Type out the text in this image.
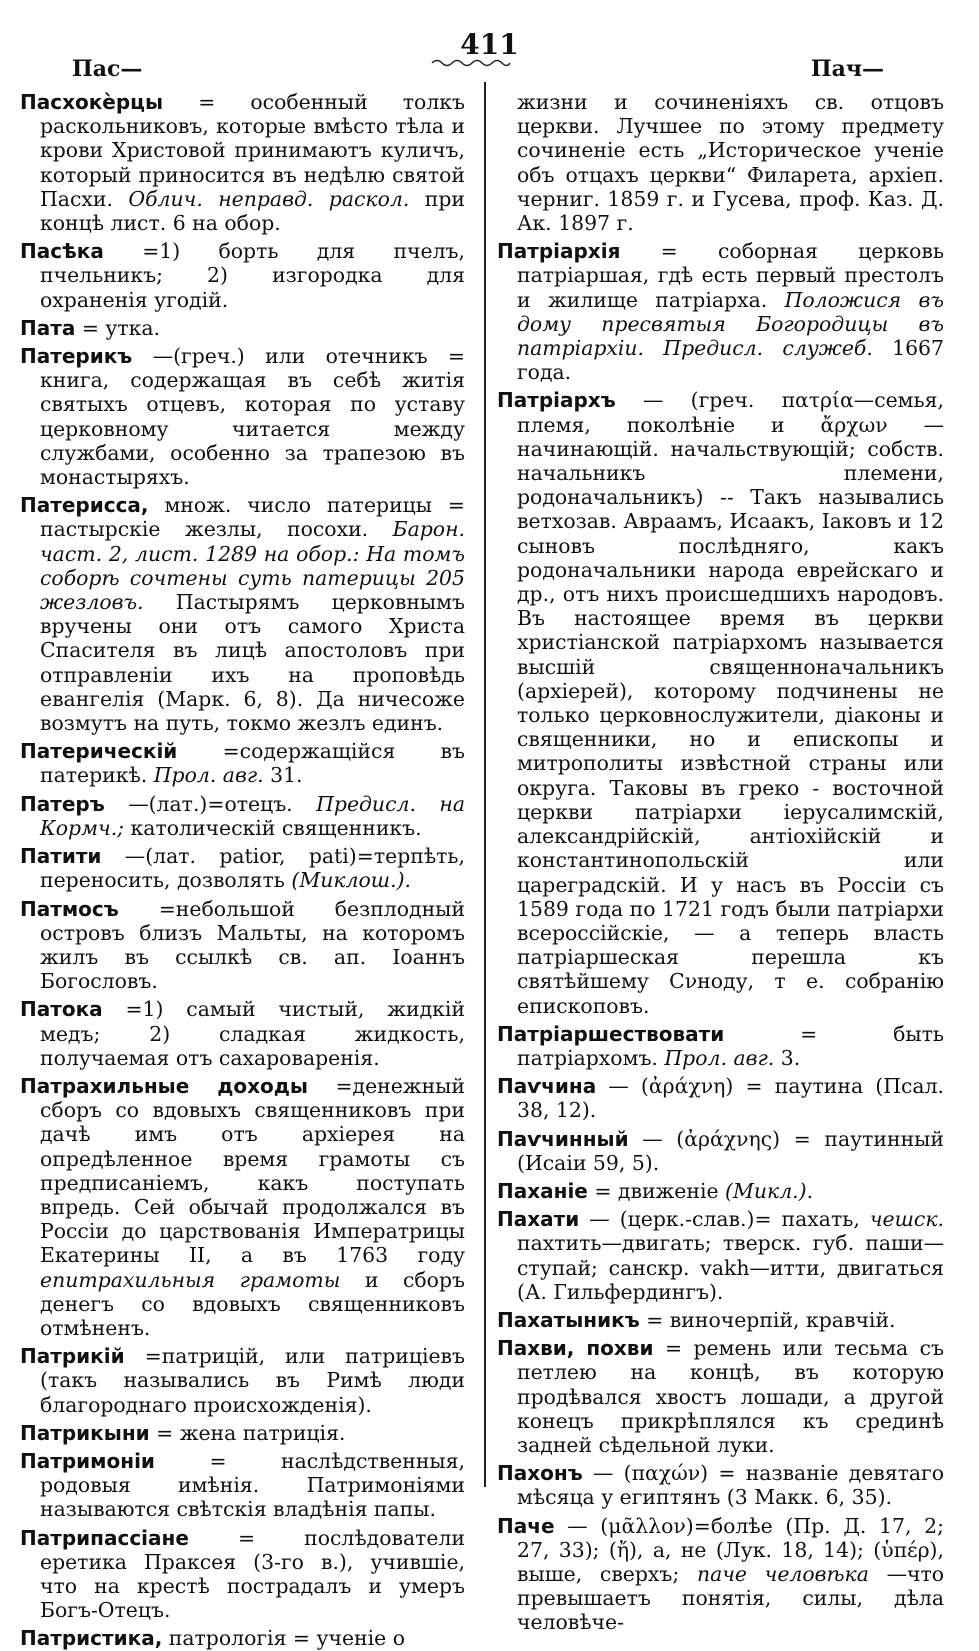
Пас—
411
Пач—

Пасхокѐрцы = особенный толкъ раскольниковъ, которые вмѣсто тѣла и крови Христовой принимаютъ куличъ, который приносится въ недѣлю святой Пасхи. Облич. неправд. раскол. при концѣ лист. 6 на обор.

Пасѣка =1) борть для пчелъ, пчельникъ; 2) изгородка для охраненія угодій.

Пата = утка.

Патерикъ —(греч.) или отечникъ = книга, содержащая въ себѣ житія святыхъ отцевъ, которая по уставу церковному читается между службами, особенно за трапезою въ монастыряхъ.

Патерисса, множ. число патерицы = пастырскіе жезлы, посохи. Барон. част. 2, лист. 1289 на обор.: На томъ соборѣ сочтены суть патерицы 205 жезловъ. Пастырямъ церковнымъ вручены они отъ самого Христа Спасителя въ лицѣ апостоловъ при отправленіи ихъ на проповѣдь евангелія (Марк. 6, 8). Да ничесоже возмутъ на путь, токмо жезлъ единъ.

Патерическій =содержащійся въ патерикѣ. Прол. авг. 31.

Патеръ —(лат.)=отецъ. Предисл. на Кормч.; католическій священникъ.

Патити —(лат. patior, pati)=терпѣть, переносить, дозволять (Миклош.).

Патмосъ =небольшой безплодный островъ близъ Мальты, на которомъ жилъ въ ссылкѣ св. ап. Іоаннъ Богословъ.

Патока =1) самый чистый, жидкій медъ; 2) сладкая жидкость, получаемая отъ сахароваренія.

Патрахильные доходы =денежный сборъ со вдовыхъ священниковъ при дачѣ имъ отъ архіерея на опредѣленное время грамоты съ предписаніемъ, какъ поступать впредь. Сей обычай продолжался въ Россіи до царствованія Императрицы Екатерины II, а въ 1763 году епитрахильныя грамоты и сборъ денегъ со вдовыхъ священниковъ отмѣненъ.

Патрикій =патрицій, или патриціевъ (такъ назывались въ Римѣ люди благороднаго происхожденія).

Патрикыни = жена патриція.

Патримоніи	= наслѣдственныя, родовыя имѣнія. Патримоніями называются свѣтскія владѣнія папы.

Патрипассіане = послѣдователи еретика Праксея (3-го в.), учившіе, что на крестѣ пострадалъ и умеръ Богъ-Отецъ.

Патристика, патрологія = ученіе о

жизни и сочиненіяхъ св. отцовъ церкви. Лучшее по этому предмету сочиненіе есть „Историческое ученіе объ отцахъ церкви“ Филарета, архіеп. черниг. 1859 г. и Гусева, проф. Каз. Д. Ак. 1897 г.

Патріархія = соборная церковь патріаршая, гдѣ есть первый престолъ и жилище патріарха. Положися въ дому пресвятыя Богородицы въ патріархіи. Предисл. служеб. 1667 года.

Патріархъ — (греч. πατρία—семья, племя, поколѣніе и ἄρχων — начинающій. начальствующій; собств. начальникъ племени, родоначальникъ) -- Такъ назывались ветхозав. Авраамъ, Исаакъ, Іаковъ и 12 сыновъ послѣдняго, какъ родоначальники народа еврейскаго и др., отъ нихъ происшедшихъ народовъ. Въ настоящее время въ церкви христіанской патріархомъ называется высшій священноначальникъ (архіерей), которому подчинены не только церковнослужители, діаконы и священники, но и епископы и митрополиты извѣстной страны или округа. Таковы въ греко - восточной церкви патріархи іерусалимскій, александрійскій, антіохійскій и константинопольскій или цареградскій. И у насъ въ Россіи съ 1589 года по 1721 годъ были патріархи всероссійскіе, — а теперь власть патріаршеская перешла къ святѣйшему Сνноду, т е. собранію епископовъ.

Патріаршествовати	= быть патріархомъ. Прол. авг. 3.

Паѵчина — (ἀράχνη) = паутина (Псал. 38, 12).

Паѵчинный — (ἀράχνης) = паутинный (Исаіи 59, 5).

Паханіе = движеніе (Микл.).

Пахати — (церк.-слав.)= пахать, чешск. пахтить—двигать; тверск. губ. паши—ступай; санскр. vakh—итти, двигаться (А. Гильфердингъ).

Пахатыникъ = виночерпій, кравчій.

Пахви, похви = ремень или тесьма съ петлею на концѣ, въ которую продѣвался хвостъ лошади, а другой конецъ прикрѣплялся къ срединѣ задней сѣдельной луки.

Пахонъ — (παχών) = названіе девятаго мѣсяца у египтянъ (3 Макк. 6, 35).

Паче — (μᾶλλον)=болѣе (Пр. Д. 17, 2; 27, 33); (ἤ), а, не (Лук. 18, 14); (ὑπέρ), выше, сверхъ; паче человѣка —что превышаетъ понятія, силы, дѣла человѣче-
